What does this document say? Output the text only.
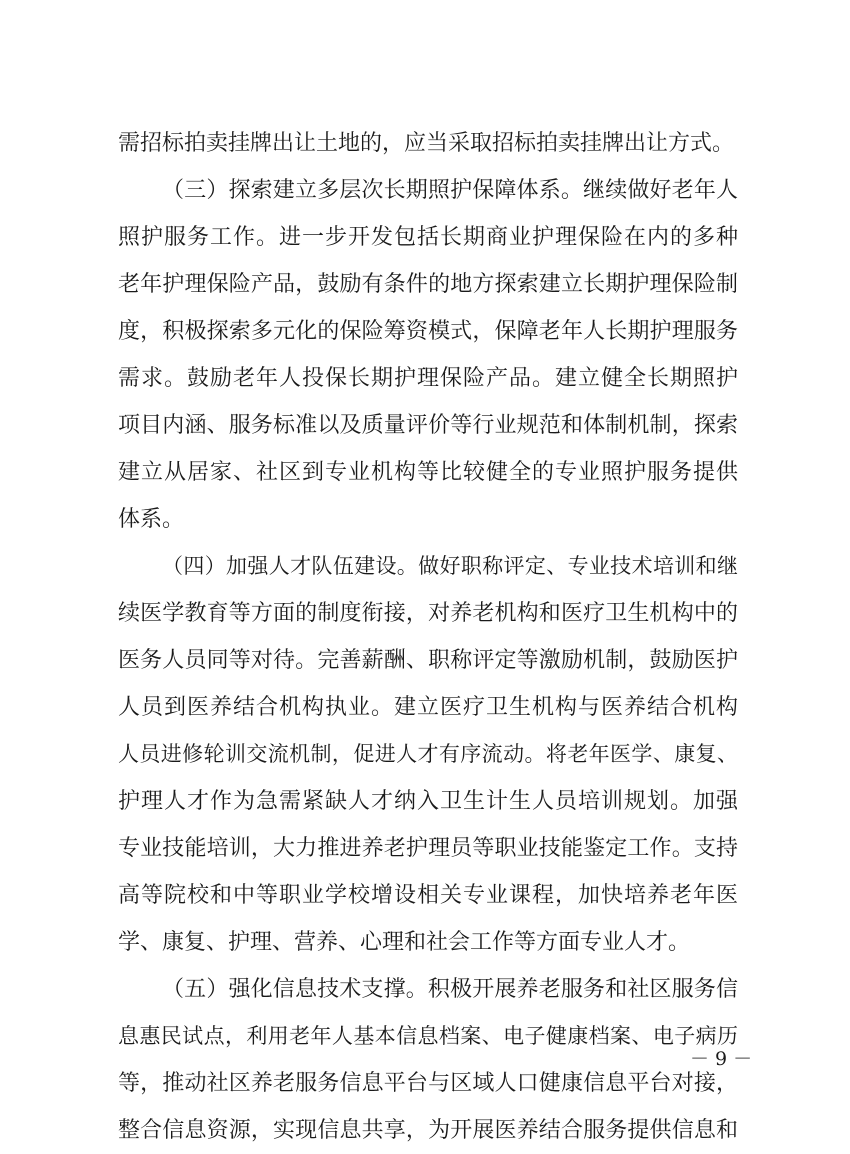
需招标拍卖挂牌出让土地的，应当采取招标拍卖挂牌出让方式。
（三）探索建立多层次长期照护保障体系。继续做好老年人
照护服务工作。进一步开发包括长期商业护理保险在内的多种
老年护理保险产品，鼓励有条件的地方探索建立长期护理保险制
度，积极探索多元化的保险筹资模式，保障老年人长期护理服务
需求。鼓励老年人投保长期护理保险产品。建立健全长期照护
项目内涵、服务标准以及质量评价等行业规范和体制机制，探索
建立从居家、社区到专业机构等比较健全的专业照护服务提供
体系。
（四）加强人才队伍建设。做好职称评定、专业技术培训和继
续医学教育等方面的制度衔接，对养老机构和医疗卫生机构中的
医务人员同等对待。完善薪酬、职称评定等激励机制，鼓励医护
人员到医养结合机构执业。建立医疗卫生机构与医养结合机构
人员进修轮训交流机制，促进人才有序流动。将老年医学、康复、
护理人才作为急需紧缺人才纳入卫生计生人员培训规划。加强
专业技能培训，大力推进养老护理员等职业技能鉴定工作。支持
高等院校和中等职业学校增设相关专业课程，加快培养老年医
学、康复、护理、营养、心理和社会工作等方面专业人才。
（五）强化信息技术支撑。积极开展养老服务和社区服务信
息惠民试点，利用老年人基本信息档案、电子健康档案、电子病历
等，推动社区养老服务信息平台与区域人口健康信息平台对接，
整合信息资源，实现信息共享，为开展医养结合服务提供信息和
－ 9 －
